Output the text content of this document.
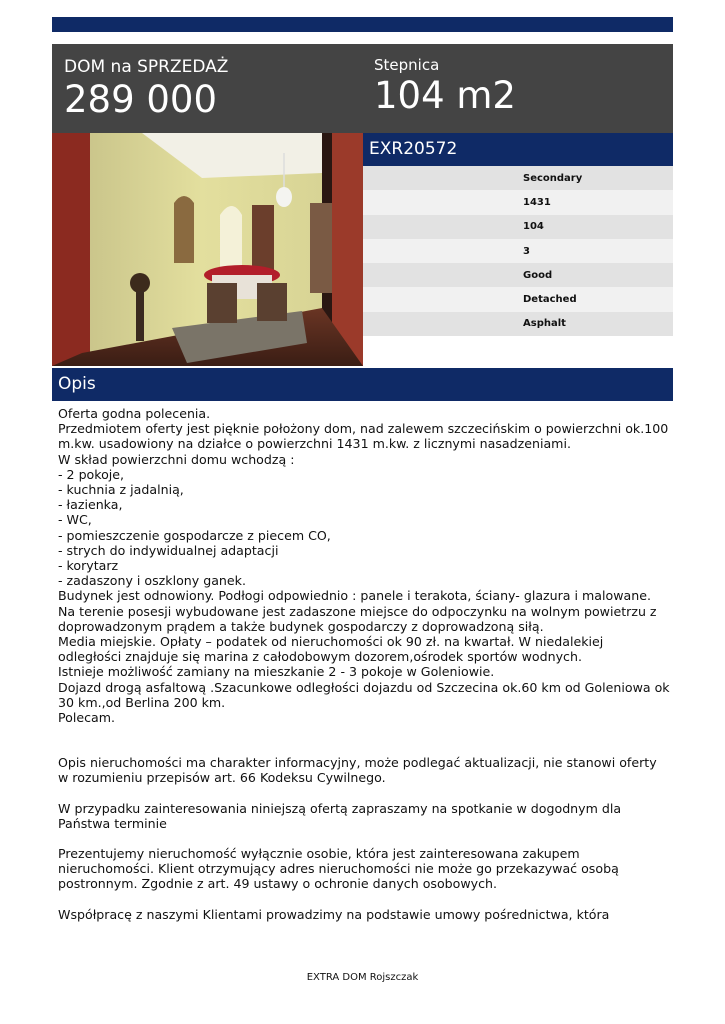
DOM na SPRZEDAŻ
289 000
Stepnica
104 m2
EXR20572
Secondary
1431
104
3
Good
Detached
Asphalt
Opis

Oferta godna polecenia.

Przedmiotem oferty jest pięknie położony dom, nad zalewem szczecińskim o powierzchni ok.100 m.kw. usadowiony na działce o powierzchni 1431 m.kw. z licznymi nasadzeniami.

W skład powierzchni domu wchodzą :

- 2 pokoje,

- kuchnia z jadalnią,

- łazienka,

- WC,

- pomieszczenie gospodarcze z piecem CO,

- strych do indywidualnej adaptacji

- korytarz

- zadaszony i oszklony ganek.

Budynek jest odnowiony. Podłogi odpowiednio : panele i terakota, ściany- glazura i malowane.

Na terenie posesji wybudowane jest zadaszone miejsce do odpoczynku na wolnym powietrzu z doprowadzonym prądem a także budynek gospodarczy z doprowadzoną siłą.

Media miejskie. Opłaty – podatek od nieruchomości ok 90 zł. na kwartał. W niedalekiej odległości znajduje się marina z całodobowym dozorem,ośrodek sportów wodnych.

Istnieje możliwość zamiany na mieszkanie 2 - 3 pokoje w Goleniowie.

Dojazd drogą asfaltową .Szacunkowe odległości dojazdu od Szczecina ok.60 km od Goleniowa ok 30 km.,od Berlina 200 km.

Polecam.

Opis nieruchomości ma charakter informacyjny, może podlegać aktualizacji, nie stanowi oferty w rozumieniu przepisów art. 66 Kodeksu Cywilnego.

W przypadku zainteresowania niniejszą ofertą zapraszamy na spotkanie w dogodnym dla Państwa terminie

Prezentujemy nieruchomość wyłącznie osobie, która jest zainteresowana zakupem nieruchomości. Klient otrzymujący adres nieruchomości nie może go przekazywać osobą postronnym. Zgodnie z art. 49 ustawy o ochronie danych osobowych.

Współpracę z naszymi Klientami prowadzimy na podstawie umowy pośrednictwa, która

EXTRA DOM Rojszczak
